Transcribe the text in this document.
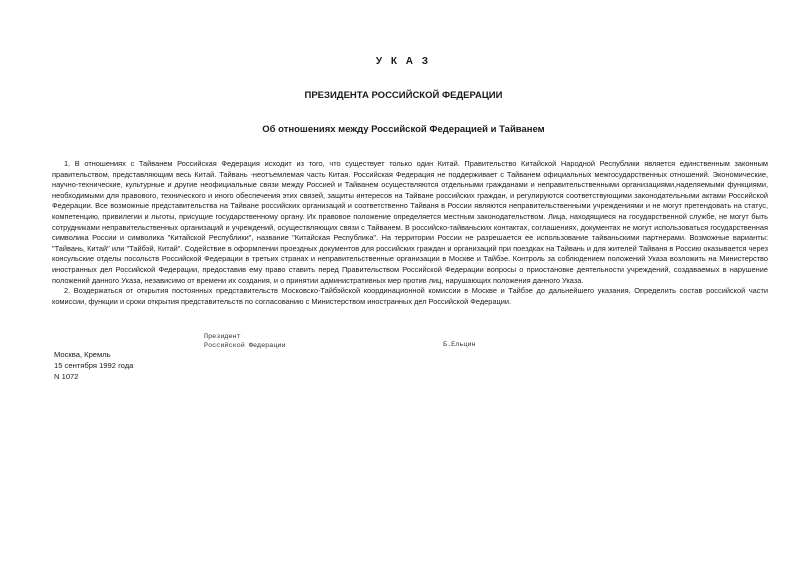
У К А З
ПРЕЗИДЕНТА РОССИЙСКОЙ ФЕДЕРАЦИИ
Об отношениях между Российской Федерацией и Тайванем

1. В отношениях с Тайванем Российская Федерация исходит из того, что существует только один Китай. Правительство Китайской Народной Республики является единственным законным правительством, представляющим весь Китай. Тайвань -неотъемлемая часть Китая. Российская Федерация не поддерживает с Тайванем официальных межгосударственных отношений. Экономические, научно-технические, культурные и другие неофициальные связи между Россией и Тайванем осуществляются отдельными гражданами и неправительственными организациями,наделяемыми функциями, необходимыми для правового, технического и иного обеспечения этих связей, защиты интересов на Тайване российских граждан, и регулируются соответствующими законодательными актами Российской Федерации. Все возможные представительства на Тайване российских организаций и соответственно Тайваня в России являются неправительственными учреждениями и не могут претендовать на статус, компетенцию, привилегии и льготы, присущие государственному органу. Их правовое положение определяется местным законодательством. Лица, находящиеся на государственной службе, не могут быть сотрудниками неправительственных организаций и учреждений, осуществляющих связи с Тайванем. В российско-тайваньских контактах, соглашениях, документах не могут использоваться государственная символика России и символика "Китайской Республики", название "Китайская Республика". На территории России не разрешается ее использование тайваньскими партнерами. Возможные варианты: "Тайвань, Китай" или "Тайбэй, Китай". Содействие в оформлении проездных документов для российских граждан и организаций при поездках на Тайвань и для жителей Тайваня в Россию оказывается через консульские отделы посольств Российской Федерации в третьих странах и неправительственные организации в Москве и Тайбэе. Контроль за соблюдением положений Указа возложить на Министерство иностранных дел Российской Федерации, предоставив ему право ставить перед Правительством Российской Федерации вопросы о приостановке деятельности учреждений, создаваемых в нарушение положений данного Указа, независимо от времени их создания, и о принятии административных мер против лиц, нарушающих положения данного Указа.

2. Воздержаться от открытия постоянных представительств Московско-Тайбэйской координационной комиссии в Москве и Тайбэе до дальнейшего указания. Определить состав российской части комиссии, функции и сроки открытия представительств по согласованию с Министерством иностранных дел Российской Федерации.

Президент
Российской Федерации	Б.Ельцин
Москва, Кремль
15 сентября 1992 года
N 1072
